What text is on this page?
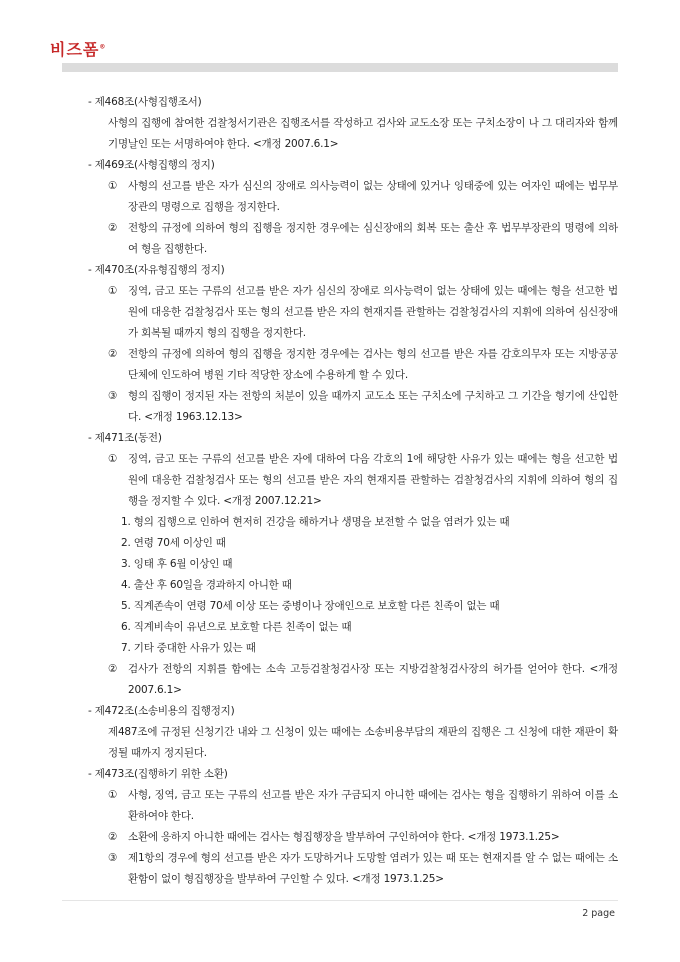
비즈폼®
- 제468조(사형집행조서)
사형의 집행에 참여한 검찰청서기관은 집행조서를 작성하고 검사와 교도소장 또는 구치소장이 나 그 대리자와 함께 기명날인 또는 서명하여야 한다. <개정 2007.6.1>
- 제469조(사형집행의 정지)
①	사형의 선고를 받은 자가 심신의 장애로 의사능력이 없는 상태에 있거나 잉태중에 있는 여자인 때에는 법무부장관의 명령으로 집행을 정지한다.
②	전항의 규정에 의하여 형의 집행을 정지한 경우에는 심신장애의 회복 또는 출산 후 법무부장관의 명령에 의하여 형을 집행한다.
- 제470조(자유형집행의 정지)
①	징역, 금고 또는 구류의 선고를 받은 자가 심신의 장애로 의사능력이 없는 상태에 있는 때에는 형을 선고한 법원에 대응한 검찰청검사 또는 형의 선고를 받은 자의 현재지를 관할하는 검찰청검사의 지휘에 의하여 심신장애가 회복될 때까지 형의 집행을 정지한다.
②	전항의 규정에 의하여 형의 집행을 정지한 경우에는 검사는 형의 선고를 받은 자를 감호의무자 또는 지방공공단체에 인도하여 병원 기타 적당한 장소에 수용하게 할 수 있다.
③	형의 집행이 정지된 자는 전항의 처분이 있을 때까지 교도소 또는 구치소에 구치하고 그 기간을 형기에 산입한다. <개정 1963.12.13>
- 제471조(동전)
①	징역, 금고 또는 구류의 선고를 받은 자에 대하여 다음 각호의 1에 해당한 사유가 있는 때에는 형을 선고한 법원에 대응한 검찰청검사 또는 형의 선고를 받은 자의 현재지를 관할하는 검찰청검사의 지휘에 의하여 형의 집행을 정지할 수 있다. <개정 2007.12.21>
1. 형의 집행으로 인하여 현저히 건강을 해하거나 생명을 보전할 수 없을 염려가 있는 때
2. 연령 70세 이상인 때
3. 잉태 후 6월 이상인 때
4. 출산 후 60일을 경과하지 아니한 때
5. 직계존속이 연령 70세 이상 또는 중병이나 장애인으로 보호할 다른 친족이 없는 때
6. 직계비속이 유년으로 보호할 다른 친족이 없는 때
7. 기타 중대한 사유가 있는 때
②	검사가 전항의 지휘를 함에는 소속 고등검찰청검사장 또는 지방검찰청검사장의 허가를 얻어야 한다. <개정 2007.6.1>
- 제472조(소송비용의 집행정지)
제487조에 규정된 신청기간 내와 그 신청이 있는 때에는 소송비용부담의 재판의 집행은 그 신청에 대한 재판이 확정될 때까지 정지된다.
- 제473조(집행하기 위한 소환)
①	사형, 징역, 금고 또는 구류의 선고를 받은 자가 구금되지 아니한 때에는 검사는 형을 집행하기 위하여 이를 소환하여야 한다.
②	소환에 응하지 아니한 때에는 검사는 형집행장을 발부하여 구인하여야 한다. <개정 1973.1.25>
③	제1항의 경우에 형의 선고를 받은 자가 도망하거나 도망할 염려가 있는 때 또는 현재지를 알 수 없는 때에는 소환함이 없이 형집행장을 발부하여 구인할 수 있다. <개정 1973.1.25>
2 page
